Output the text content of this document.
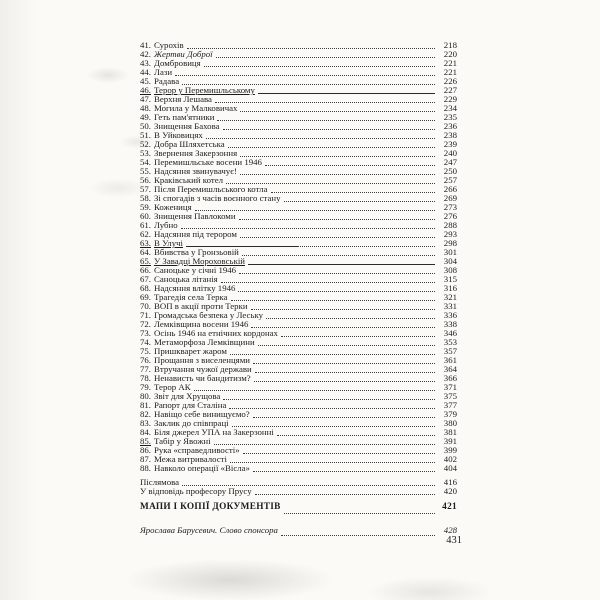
41. Сурохів	218
42. Жертви Доброї	220
43. Домбровиця	221
44. Лази	221
45. Радава	226
46. Терор у Перемишльському	227
47. Верхня Лешава	229
48. Могила у Малковичах	234
49. Геть пам'ятники	235
50. Знищення Бахова	236
51. В Уйковицях	238
52. Добра Шляхетська	239
53. Звернення Закерзоння	240
54. Перемишльське восени 1946	247
55. Надсяння звинувачує!	250
56. Краківський котел	257
57. Після Перемишльського котла	266
58. Зі спогадів з часів воєнного стану	269
59. Кожениця	273
60. Знищення Павлокоми	276
61. Лубно	288
62. Надсяння під терором	293
63. В Улучі	298
64. Вбивства у Гронзьовій	301
65. У Завадці Мороховській	304
66. Саноцьке у січні 1946	308
67. Саноцька літанія	315
68. Надсяння влітку 1946	316
69. Трагедія села Терка	321
70. ВОП в акції проти Терки	331
71. Громадська безпека у Леську	336
72. Лемківщина восени 1946	338
73. Осінь 1946 на етнічних кордонах	346
74. Метаморфоза Лемківщини	353
75. Пришкварет жаром	357
76. Прощання з виселенцями	361
77. Втручання чужої держави	364
78. Ненависть чи бандитизм?	366
79. Терор АК	371
80. Звіт для Хрущова	375
81. Рапорт для Сталіна	377
82. Навіщо себе винищуємо?	379
83. Заклик до співпраці	380
84. Біля джерел УПА на Закерзонні	381
85. Табір у Явожні	391
86. Рука «справедливості»	399
87. Межа витривалості	402
88. Навколо операції «Вісла»	404
Післямова	416
У відповідь професору Прусу	420
МАПИ І КОПІЇ ДОКУМЕНТІВ	421
Ярослава Барусевич. Слово спонсора	428
431
